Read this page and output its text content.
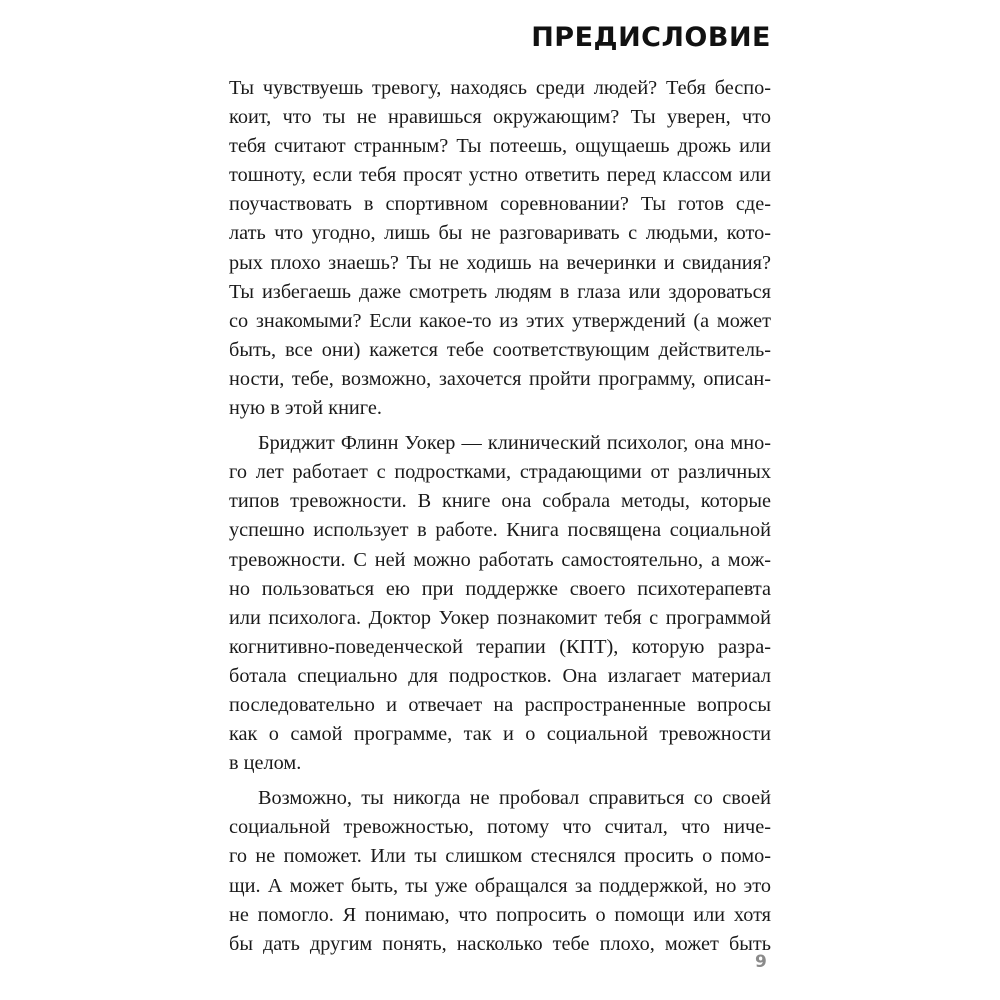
ПРЕДИСЛОВИЕ
Ты чувствуешь тревогу, находясь среди людей? Тебя беспо-
коит, что ты не нравишься окружающим? Ты уверен, что
тебя считают странным? Ты потеешь, ощущаешь дрожь или
тошноту, если тебя просят устно ответить перед классом или
поучаствовать в спортивном соревновании? Ты готов сде-
лать что угодно, лишь бы не разговаривать с людьми, кото-
рых плохо знаешь? Ты не ходишь на вечеринки и свидания?
Ты избегаешь даже смотреть людям в глаза или здороваться
со знакомыми? Если какое-то из этих утверждений (а может
быть, все они) кажется тебе соответствующим действитель-
ности, тебе, возможно, захочется пройти программу, описан-
ную в этой книге.
Бриджит Флинн Уокер — клинический психолог, она мно-
го лет работает с подростками, страдающими от различных
типов тревожности. В книге она собрала методы, которые
успешно использует в работе. Книга посвящена социальной
тревожности. С ней можно работать самостоятельно, а мож-
но пользоваться ею при поддержке своего психотерапевта
или психолога. Доктор Уокер познакомит тебя с программой
когнитивно-поведенческой терапии (КПТ), которую разра-
ботала специально для подростков. Она излагает материал
последовательно и отвечает на распространенные вопросы
как о самой программе, так и о социальной тревожности
в целом.
Возможно, ты никогда не пробовал справиться со своей
социальной тревожностью, потому что считал, что ниче-
го не поможет. Или ты слишком стеснялся просить о помо-
щи. А может быть, ты уже обращался за поддержкой, но это
не помогло. Я понимаю, что попросить о помощи или хотя
бы дать другим понять, насколько тебе плохо, может быть
9
